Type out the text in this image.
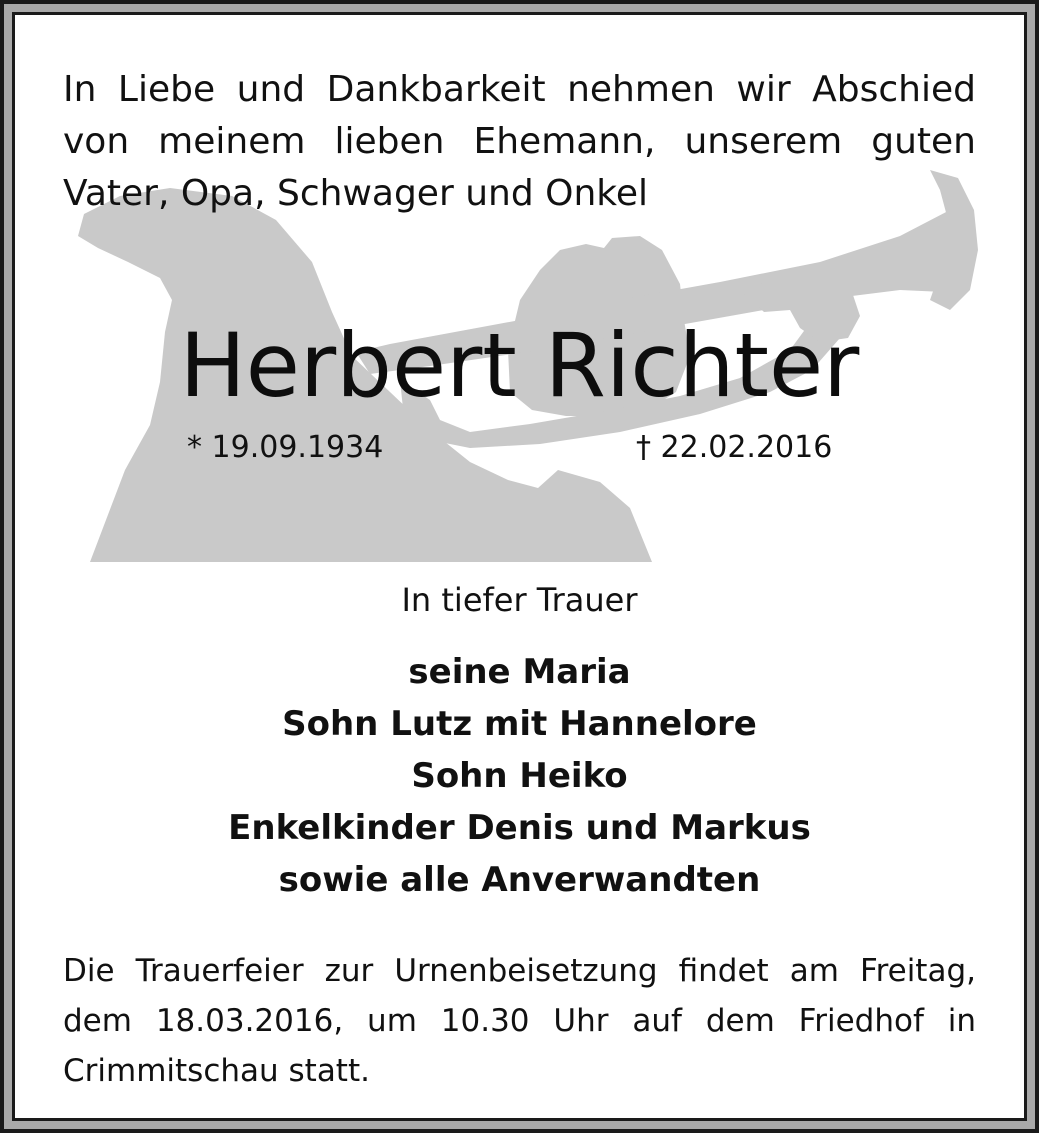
In Liebe und Dankbarkeit nehmen wir Abschied von meinem lieben Ehemann, unserem guten Vater, Opa, Schwager und Onkel

Herbert Richter

* 19.09.1934	† 22.02.2016

In tiefer Trauer

seine Maria
Sohn Lutz mit Hannelore
Sohn Heiko
Enkelkinder Denis und Markus
sowie alle Anverwandten

Die Trauerfeier zur Urnenbeisetzung findet am Freitag, dem 18.03.2016, um 10.30 Uhr auf dem Friedhof in Crimmitschau statt.
